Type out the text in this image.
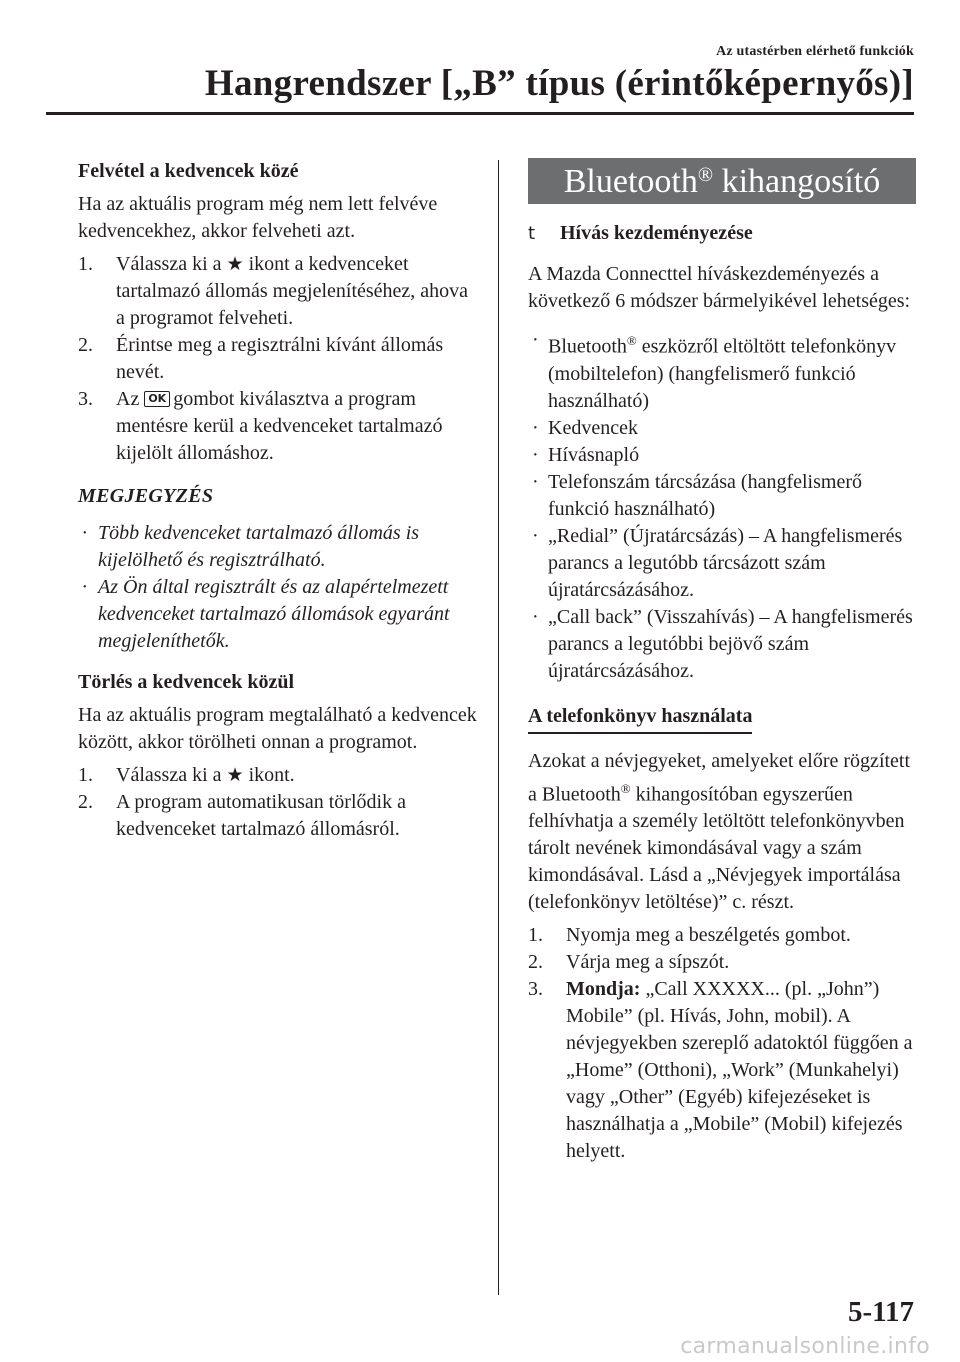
Az utastérben elérhető funkciók
Hangrendszer [„B” típus (érintőképernyős)]
Felvétel a kedvencek közé

Ha az aktuális program még nem lett felvéve kedvencekhez, akkor felveheti azt.

1. Válassza ki a ★ ikont a kedvenceket tartalmazó állomás megjelenítéséhez, ahova a programot felveheti.
2. Érintse meg a regisztrálni kívánt állomás nevét.
3. Az OK gombot kiválasztva a program mentésre kerül a kedvenceket tartalmazó kijelölt állomáshoz.
MEGJEGYZÉS
· Több kedvenceket tartalmazó állomás is kijelölhető és regisztrálható.
· Az Ön által regisztrált és az alapértelmezett kedvenceket tartalmazó állomások egyaránt megjeleníthetők.
Törlés a kedvencek közül

Ha az aktuális program megtalálható a kedvencek között, akkor törölheti onnan a programot.

1. Válassza ki a ★ ikont.
2. A program automatikusan törlődik a kedvenceket tartalmazó állomásról.
Bluetooth®
kihangosító
t	Hívás kezdeményezése

A Mazda Connecttel híváskezdeményezés a következő 6 módszer bármelyikével lehetséges:

· Bluetooth® eszközről eltöltött telefonkönyv (mobiltelefon) (hangfelismerő funkció használható)
· Kedvencek
· Hívásnapló
· Telefonszám tárcsázása (hangfelismerő funkció használható)
· „Redial” (Újratárcsázás) – A hangfelismerés parancs a legutóbb tárcsázott szám újratárcsázásához.
· „Call back” (Visszahívás) – A hangfelismerés parancs a legutóbbi bejövő szám újratárcsázásához.
A telefonkönyv használata

Azokat a névjegyeket, amelyeket előre rögzített a Bluetooth® kihangosítóban egyszerűen felhívhatja a személy letöltött telefonkönyvben tárolt nevének kimondásával vagy a szám kimondásával. Lásd a „Névjegyek importálása (telefonkönyv letöltése)” c. részt.

1. Nyomja meg a beszélgetés gombot.
2. Várja meg a sípszót.
3. Mondja: „Call XXXXX... (pl. „John”) Mobile” (pl. Hívás, John, mobil). A névjegyekben szereplő adatoktól függően a „Home” (Otthoni), „Work” (Munkahelyi) vagy „Other” (Egyéb) kifejezéseket is használhatja a „Mobile” (Mobil) kifejezés helyett.
5-117
carmanualsonline.info
